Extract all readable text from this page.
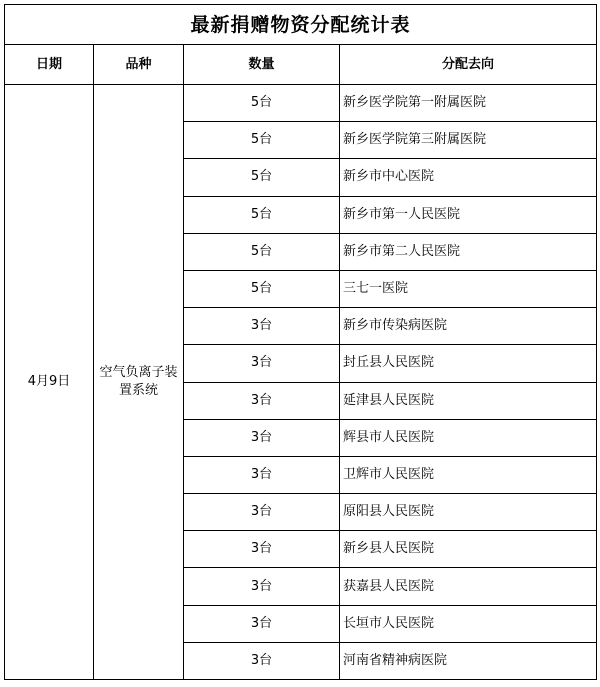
最新捐赠物资分配统计表			
日期	品种	数量	分配去向
4月9日	空气负离子装置系统	5台	新乡医学院第一附属医院
		5台	新乡医学院第三附属医院
		5台	新乡市中心医院
		5台	新乡市第一人民医院
		5台	新乡市第二人民医院
		5台	三七一医院
		3台	新乡市传染病医院
		3台	封丘县人民医院
		3台	延津县人民医院
		3台	辉县市人民医院
		3台	卫辉市人民医院
		3台	原阳县人民医院
		3台	新乡县人民医院
		3台	获嘉县人民医院
		3台	长垣市人民医院
		3台	河南省精神病医院
